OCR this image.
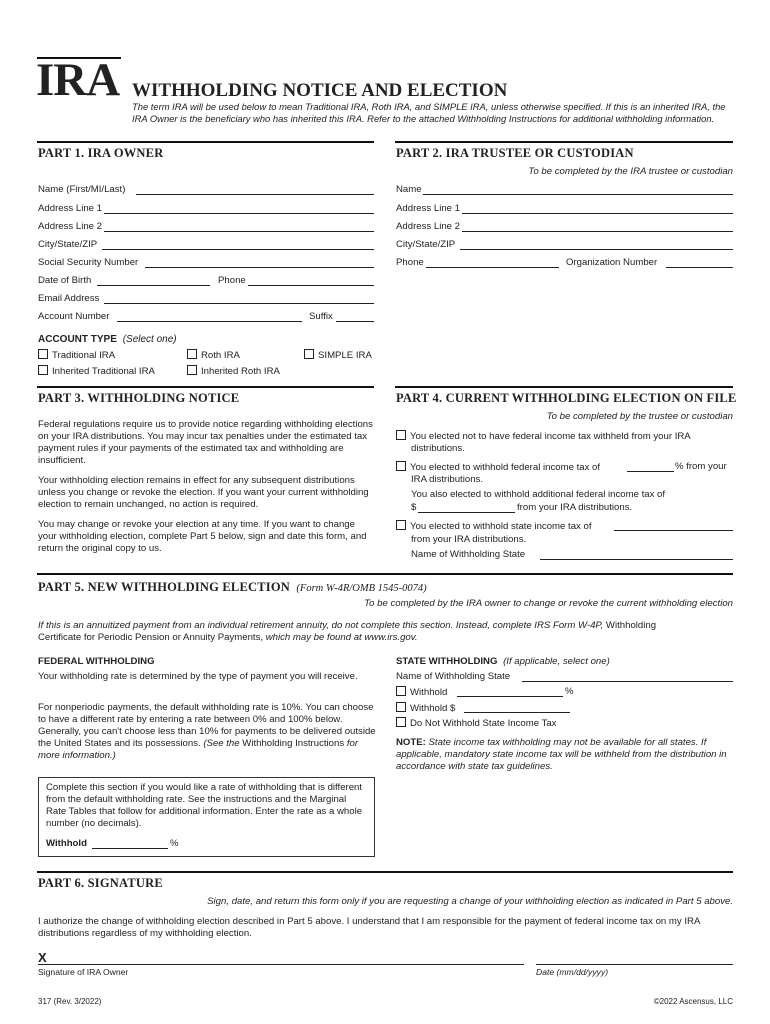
IRA WITHHOLDING NOTICE AND ELECTION
The term IRA will be used below to mean Traditional IRA, Roth IRA, and SIMPLE IRA, unless otherwise specified. If this is an inherited IRA, the IRA Owner is the beneficiary who has inherited this IRA. Refer to the attached Withholding Instructions for additional withholding information.
PART 1. IRA OWNER
Name (First/MI/Last)
Address Line 1
Address Line 2
City/State/ZIP
Social Security Number
Date of Birth	Phone
Email Address
Account Number	Suffix
ACCOUNT TYPE (Select one)
Traditional IRA	Roth IRA	SIMPLE IRA
Inherited Traditional IRA	Inherited Roth IRA
PART 2. IRA TRUSTEE OR CUSTODIAN
To be completed by the IRA trustee or custodian
Name
Address Line 1
Address Line 2
City/State/ZIP
Phone	Organization Number
PART 3. WITHHOLDING NOTICE
Federal regulations require us to provide notice regarding withholding elections on your IRA distributions. You may incur tax penalties under the estimated tax payment rules if your payments of the estimated tax and withholding are insufficient.
Your withholding election remains in effect for any subsequent distributions unless you change or revoke the election. If you want your current withholding election to remain unchanged, no action is required.
You may change or revoke your election at any time. If you want to change your withholding election, complete Part 5 below, sign and date this form, and return the original copy to us.
PART 4. CURRENT WITHHOLDING ELECTION ON FILE
To be completed by the trustee or custodian
You elected not to have federal income tax withheld from your IRA
distributions.
You elected to withhold federal income tax of	% from your
IRA distributions.
You also elected to withhold additional federal income tax of
$	from your IRA distributions.
You elected to withhold state income tax of
from your IRA distributions.
Name of Withholding State
PART 5. NEW WITHHOLDING ELECTION (Form W-4R/OMB 1545-0074)
To be completed by the IRA owner to change or revoke the current withholding election
If this is an annuitized payment from an individual retirement annuity, do not complete this section. Instead, complete IRS Form W-4P, Withholding
Certificate for Periodic Pension or Annuity Payments, which may be found at www.irs.gov.
FEDERAL WITHHOLDING
Your withholding rate is determined by the type of payment you will receive.
For nonperiodic payments, the default withholding rate is 10%. You can choose to have a different rate by entering a rate between 0% and 100% below. Generally, you can't choose less than 10% for payments to be delivered outside the United States and its possessions. (See the Withholding Instructions for more information.)
Complete this section if you would like a rate of withholding that is different from the default withholding rate. See the instructions and the Marginal Rate Tables that follow for additional information. Enter the rate as a whole number (no decimals).
Withhold	%
STATE WITHHOLDING (If applicable, select one)
Name of Withholding State
Withhold	%
Withhold $
Do Not Withhold State Income Tax
NOTE: State income tax withholding may not be available for all states. If applicable, mandatory state income tax will be withheld from the distribution in accordance with state tax guidelines.
PART 6. SIGNATURE
Sign, date, and return this form only if you are requesting a change of your withholding election as indicated in Part 5 above.
I authorize the change of withholding election described in Part 5 above. I understand that I am responsible for the payment of federal income tax on my IRA distributions regardless of my withholding election.
X
Signature of IRA Owner	Date (mm/dd/yyyy)
317 (Rev. 3/2022)	©2022 Ascensus, LLC
